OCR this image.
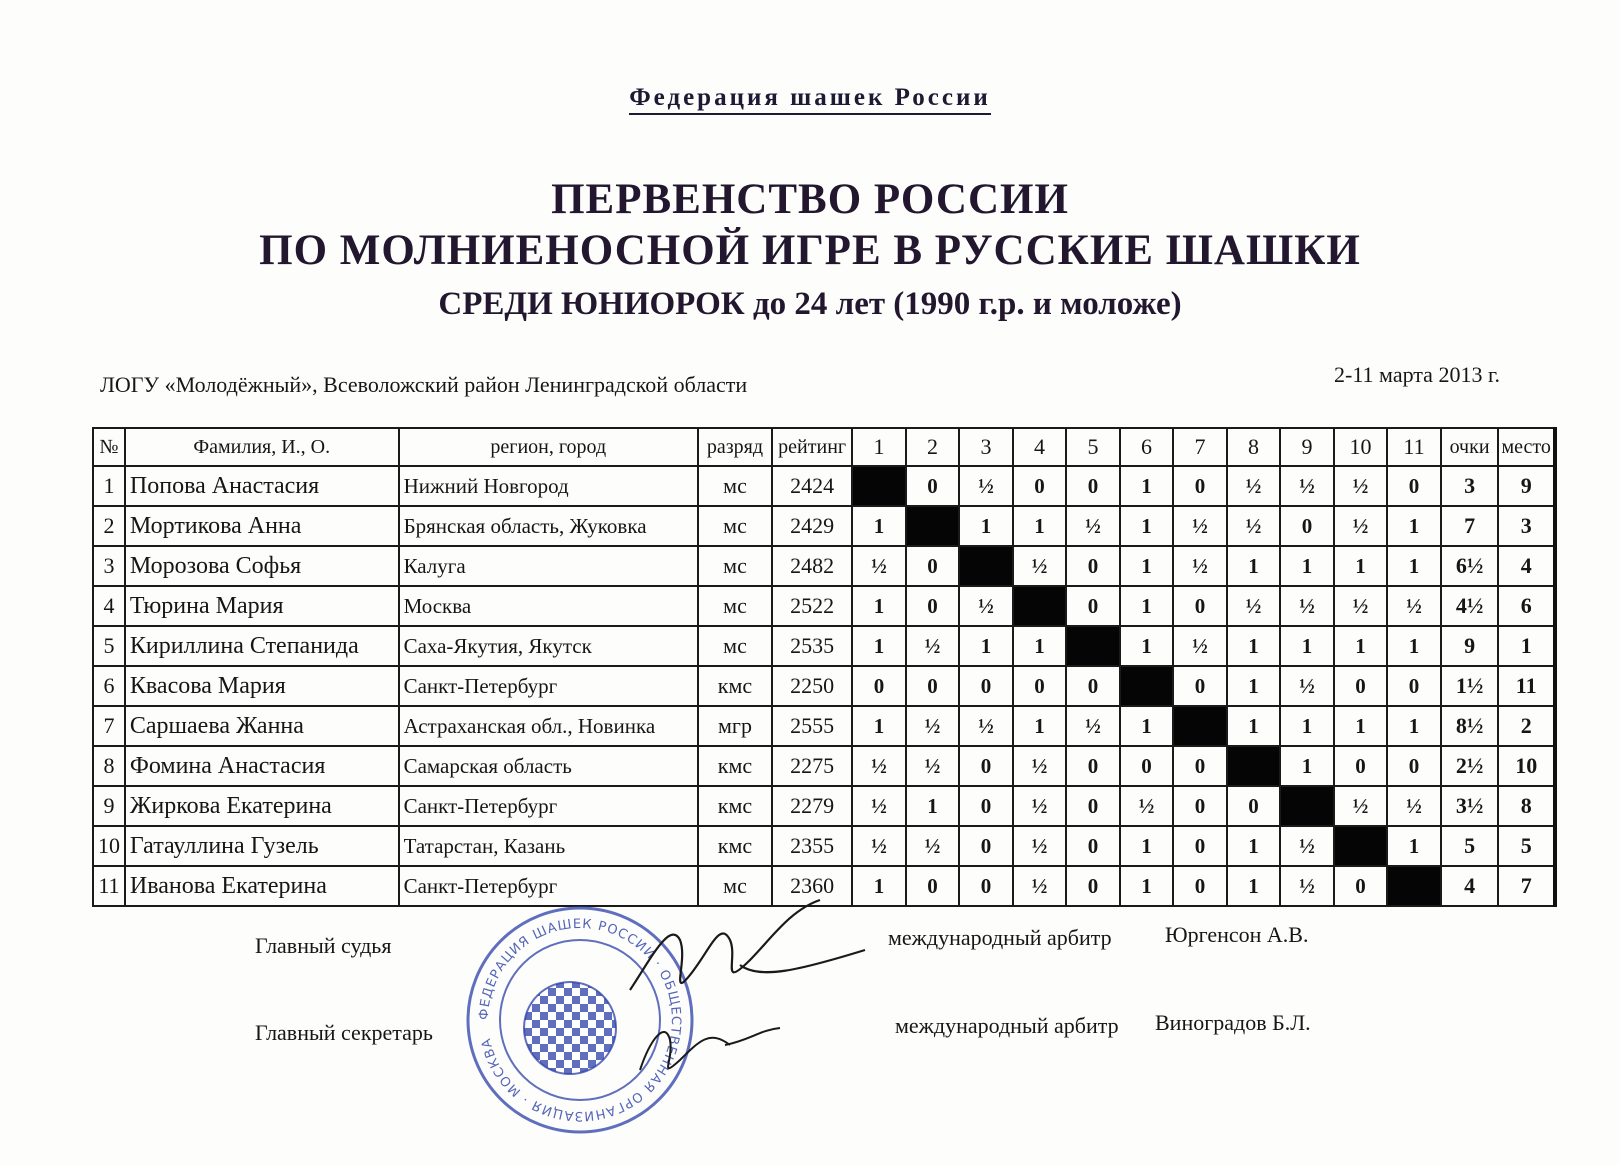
Федерация шашек России
ПЕРВЕНСТВО РОССИИ
ПО МОЛНИЕНОСНОЙ ИГРЕ В РУССКИЕ ШАШКИ
СРЕДИ ЮНИОРОК до 24 лет (1990 г.р. и моложе)
ЛОГУ «Молодёжный», Всеволожский район Ленинградской области	2-11 марта 2013 г.
№	Фамилия, И., О.	регион, город	разряд	рейтинг	1	2	3	4	5	6	7	8	9	10	11	очки	место
1	Попова Анастасия	Нижний Новгород	мс	2424		0	½	0	0	1	0	½	½	½	0	3	9
2	Мортикова Анна	Брянская область, Жуковка	мс	2429	1		1	1	½	1	½	½	0	½	1	7	3
3	Морозова Софья	Калуга	мс	2482	½	0		½	0	1	½	1	1	1	1	6½	4
4	Тюрина Мария	Москва	мс	2522	1	0	½		0	1	0	½	½	½	½	4½	6
5	Кириллина Степанида	Саха-Якутия, Якутск	мс	2535	1	½	1	1		1	½	1	1	1	1	9	1
6	Квасова Мария	Санкт-Петербург	кмс	2250	0	0	0	0	0		0	1	½	0	0	1½	11
7	Саршаева Жанна	Астраханская обл., Новинка	мгр	2555	1	½	½	1	½	1		1	1	1	1	8½	2
8	Фомина Анастасия	Самарская область	кмс	2275	½	½	0	½	0	0	0		1	0	0	2½	10
9	Жиркова Екатерина	Санкт-Петербург	кмс	2279	½	1	0	½	0	½	0	0		½	½	3½	8
10	Гатауллина Гузель	Татарстан, Казань	кмс	2355	½	½	0	½	0	1	0	1	½		1	5	5
11	Иванова Екатерина	Санкт-Петербург	мс	2360	1	0	0	½	0	1	0	1	½	0		4	7
Главный судья
Главный секретарь
международный арбитр Юргенсон А.В.
международный арбитр Виноградов Б.Л.
ФЕДЕРАЦИЯ ШАШЕК РОССИИ · ОБЩЕСТВЕННАЯ ОРГАНИЗАЦИЯ · МОСКВА
